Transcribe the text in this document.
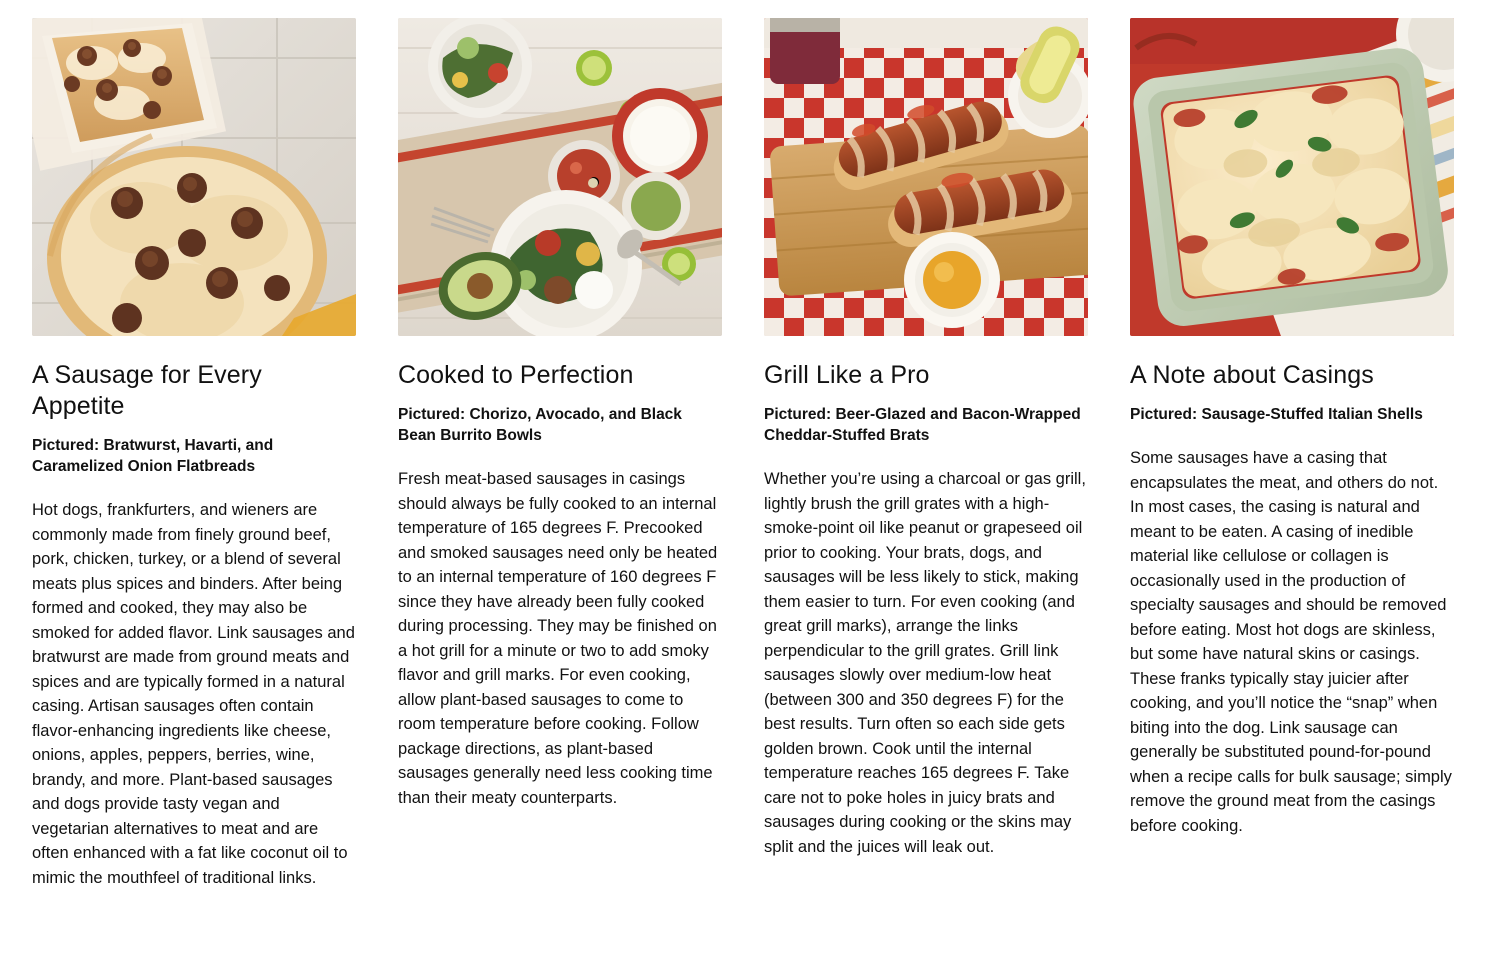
A Sausage for Every Appetite

Pictured: Bratwurst, Havarti, and Caramelized Onion Flatbreads

Hot dogs, frankfurters, and wieners are commonly made from finely ground beef, pork, chicken, turkey, or a blend of several meats plus spices and binders. After being formed and cooked, they may also be smoked for added flavor. Link sausages and bratwurst are made from ground meats and spices and are typically formed in a natural casing. Artisan sausages often contain flavor-enhancing ingredients like cheese, onions, apples, peppers, berries, wine, brandy, and more. Plant-based sausages and dogs provide tasty vegan and vegetarian alternatives to meat and are often enhanced with a fat like coconut oil to mimic the mouthfeel of traditional links.

Cooked to Perfection

Pictured: Chorizo, Avocado, and Black Bean Burrito Bowls

Fresh meat-based sausages in casings should always be fully cooked to an internal temperature of 165 degrees F. Precooked and smoked sausages need only be heated to an internal temperature of 160 degrees F since they have already been fully cooked during processing. They may be finished on a hot grill for a minute or two to add smoky flavor and grill marks. For even cooking, allow plant-based sausages to come to room temperature before cooking. Follow package directions, as plant-based sausages generally need less cooking time than their meaty counterparts.

Grill Like a Pro

Pictured: Beer-Glazed and Bacon-Wrapped Cheddar-Stuffed Brats

Whether you’re using a charcoal or gas grill, lightly brush the grill grates with a high-smoke-point oil like peanut or grapeseed oil prior to cooking. Your brats, dogs, and sausages will be less likely to stick, making them easier to turn. For even cooking (and great grill marks), arrange the links perpendicular to the grill grates. Grill link sausages slowly over medium-low heat (between 300 and 350 degrees F) for the best results. Turn often so each side gets golden brown. Cook until the internal temperature reaches 165 degrees F. Take care not to poke holes in juicy brats and sausages during cooking or the skins may split and the juices will leak out.

A Note about Casings

Pictured: Sausage-Stuffed Italian Shells

Some sausages have a casing that encapsulates the meat, and others do not. In most cases, the casing is natural and meant to be eaten. A casing of inedible material like cellulose or collagen is occasionally used in the production of specialty sausages and should be removed before eating. Most hot dogs are skinless, but some have natural skins or casings. These franks typically stay juicier after cooking, and you’ll notice the “snap” when biting into the dog. Link sausage can generally be substituted pound-for-pound when a recipe calls for bulk sausage; simply remove the ground meat from the casings before cooking.
